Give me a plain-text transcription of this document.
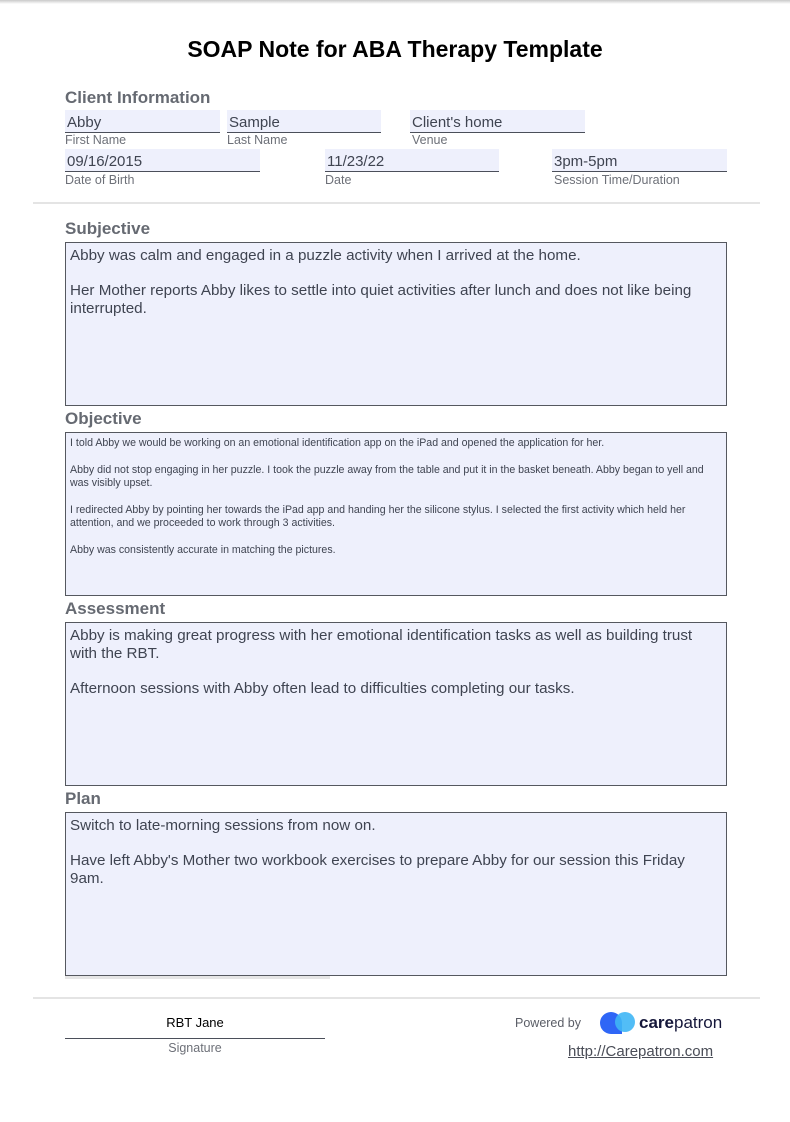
SOAP Note for ABA Therapy Template
Client Information
Abby	Sample	Client's home
First Name	Last Name	Venue
09/16/2015	11/23/22	3pm-5pm
Date of Birth	Date	Session Time/Duration
Subjective

Abby was calm and engaged in a puzzle activity when I arrived at the home.

Her Mother reports Abby likes to settle into quiet activities after lunch and does not like being interrupted.

Objective

I told Abby we would be working on an emotional identification app on the iPad and opened the application for her.

Abby did not stop engaging in her puzzle. I took the puzzle away from the table and put it in the basket beneath. Abby began to yell and was visibly upset.

I redirected Abby by pointing her towards the iPad app and handing her the silicone stylus. I selected the first activity which held her attention, and we proceeded to work through 3 activities.

Abby was consistently accurate in matching the pictures.

Assessment

Abby is making great progress with her emotional identification tasks as well as building trust with the RBT.

Afternoon sessions with Abby often lead to difficulties completing our tasks.

Plan

Switch to late-morning sessions from now on.

Have left Abby's Mother two workbook exercises to prepare Abby for our session this Friday 9am.

RBT Jane
Signature
Powered by	carepatron
http://Carepatron.com
